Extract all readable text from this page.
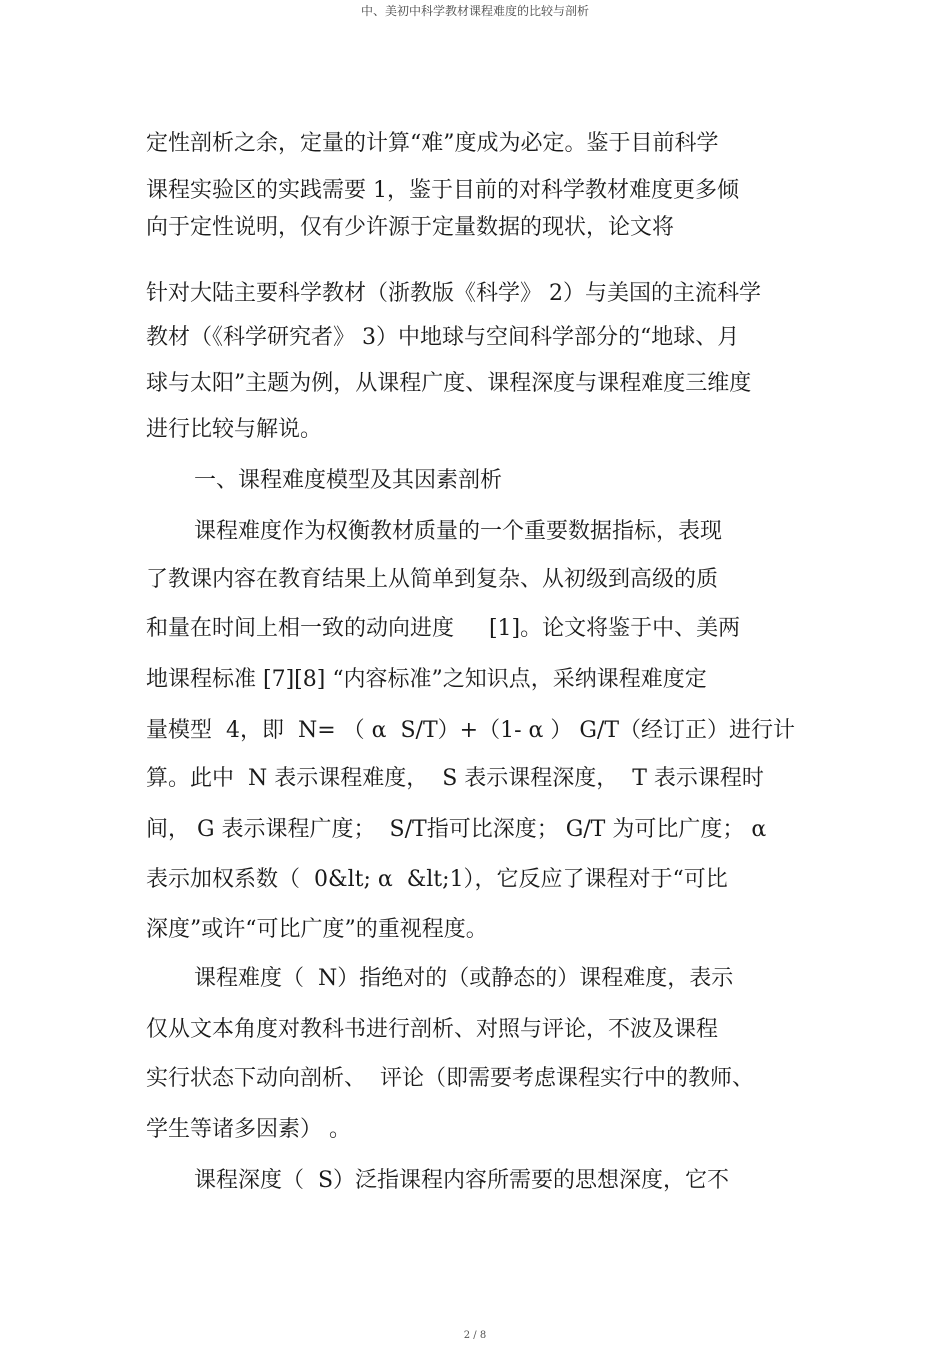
中、美初中科学教材课程难度的比较与剖析
定性剖析之余，定量的计算“难”度成为必定。鉴于目前科学
课程实验区的实践需要 1，鉴于目前的对科学教材难度更多倾
向于定性说明，仅有少许源于定量数据的现状，论文将
针对大陆主要科学教材（浙教版《科学》 2）与美国的主流科学
教材（《科学研究者》 3）中地球与空间科学部分的“地球、月
球与太阳”主题为例，从课程广度、课程深度与课程难度三维度
进行比较与解说。
一、课程难度模型及其因素剖析
课程难度作为权衡教材质量的一个重要数据指标，表现
了教课内容在教育结果上从简单到复杂、从初级到高级的质
和量在时间上相一致的动向进度     [1]。论文将鉴于中、美两
地课程标准 [7][8] “内容标准”之知识点，采纳课程难度定
量模型  4，即  N= （ α  S/T）+（1- α ） G/T（经订正）进行计
算。此中  N 表示课程难度，  S 表示课程深度，  T 表示课程时
间， G 表示课程广度；  S/T指可比深度； G/T 为可比广度； α
表示加权系数（  0&lt; α  &lt;1），它反应了课程对于“可比
深度”或许“可比广度”的重视程度。
课程难度（  N）指绝对的（或静态的）课程难度，表示
仅从文本角度对教科书进行剖析、对照与评论，不波及课程
实行状态下动向剖析、  评论（即需要考虑课程实行中的教师、
学生等诸多因素） 。
课程深度（  S）泛指课程内容所需要的思想深度，它不
2 / 8
